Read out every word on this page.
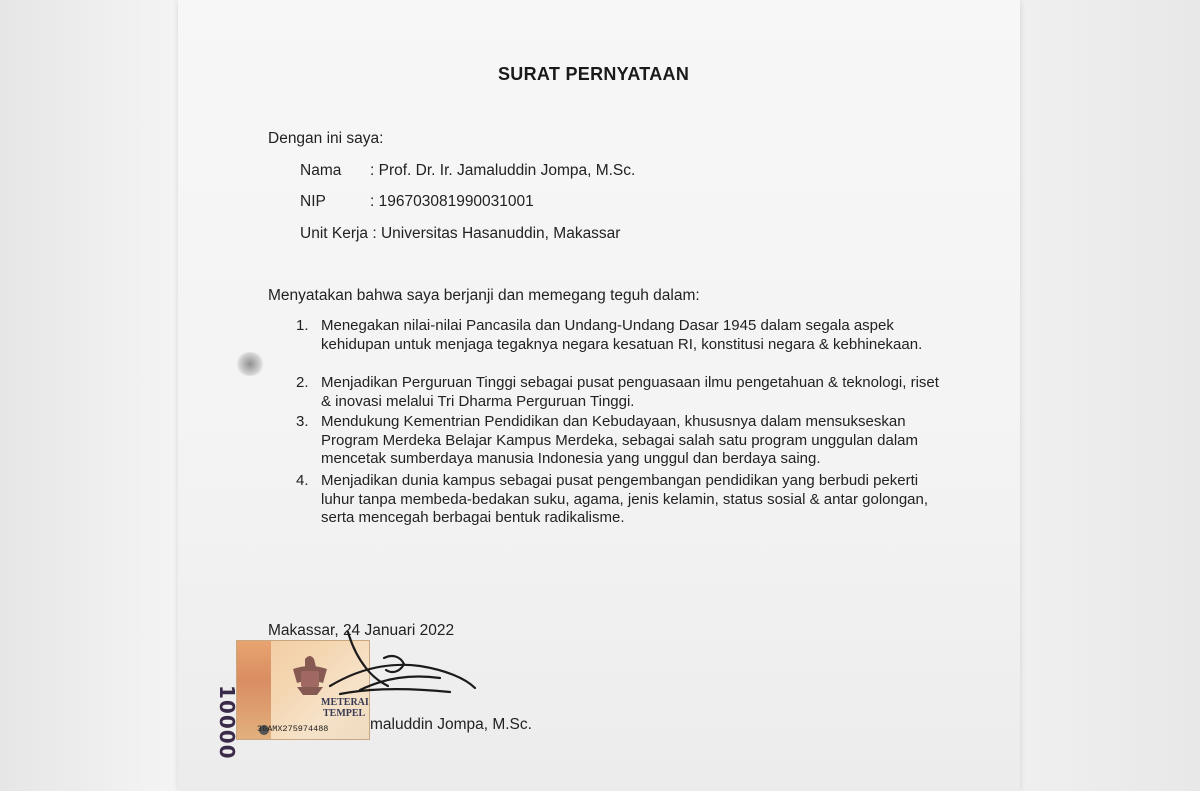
SURAT PERNYATAAN
Dengan ini saya:
Nama : Prof. Dr. Ir. Jamaluddin Jompa, M.Sc.
NIP	: 196703081990031001
Unit Kerja : Universitas Hasanuddin, Makassar
Menyatakan bahwa saya berjanji dan memegang teguh dalam:
1. Menegakan nilai-nilai Pancasila dan Undang-Undang Dasar 1945 dalam segala aspek kehidupan untuk menjaga tegaknya negara kesatuan RI, konstitusi negara & kebhinekaan.
2. Menjadikan Perguruan Tinggi sebagai pusat penguasaan ilmu pengetahuan & teknologi, riset & inovasi melalui Tri Dharma Perguruan Tinggi.
3. Mendukung Kementrian Pendidikan dan Kebudayaan, khususnya dalam mensukseskan Program Merdeka Belajar Kampus Merdeka, sebagai salah satu program unggulan dalam mencetak sumberdaya manusia Indonesia yang unggul dan berdaya saing.
4. Menjadikan dunia kampus sebagai pusat pengembangan pendidikan yang berbudi pekerti luhur tanpa membeda-bedakan suku, agama, jenis kelamin, status sosial & antar golongan, serta mencegah berbagai bentuk radikalisme.
Makassar, 24 Januari 2022
10000	METERAI
TEMPEL
36AMX275974488	maluddin Jompa, M.Sc.
